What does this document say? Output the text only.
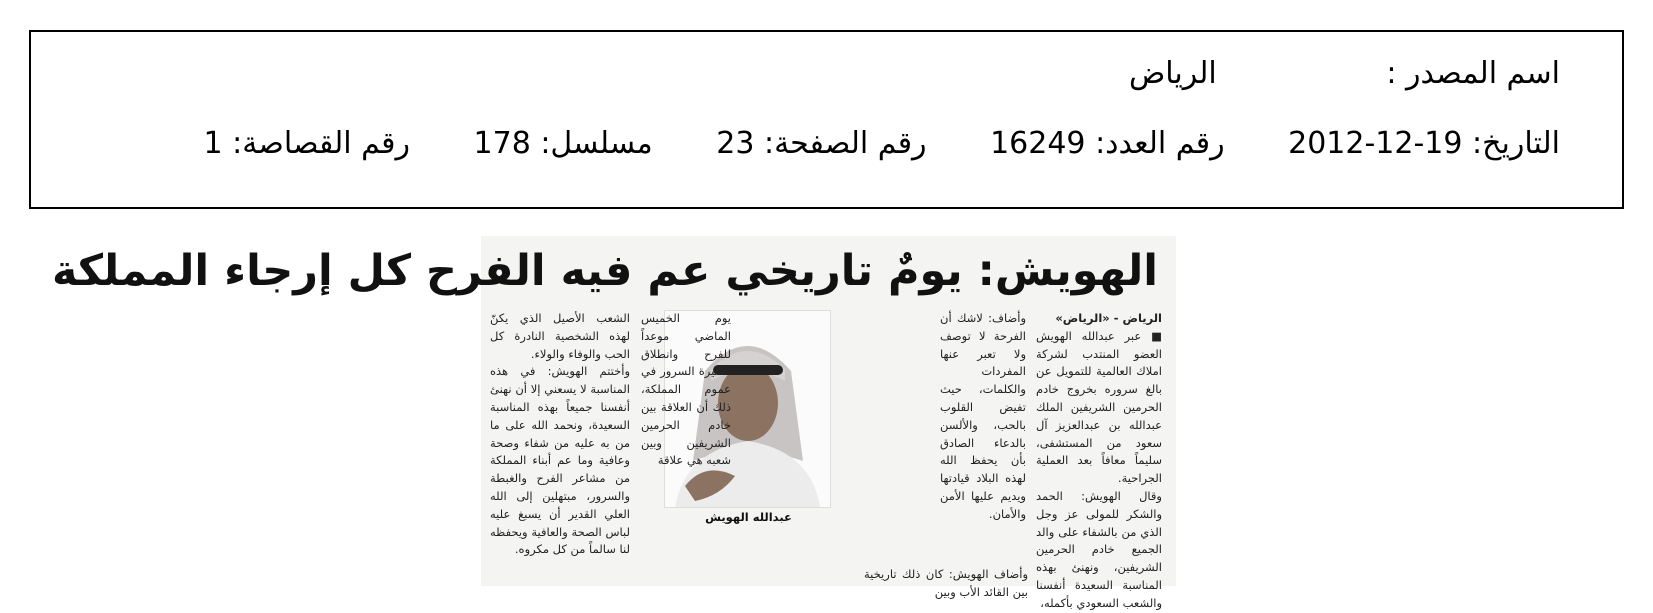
اسم المصدر : الرياض
التاريخ: 2012-12-19 رقم العدد: 16249 رقم الصفحة: 23 مسلسل: 178 رقم القصاصة: 1
الهويش: يومٌ تاريخي عم فيه الفرح كل إرجاء المملكة
الرياض - «الرياض»
■ عبر عبدالله الهويش العضو المنتدب لشركة املاك العالمية للتمويل عن بالغ سروره بخروج خادم الحرمين الشريفين الملك عبدالله بن عبدالعزيز آل سعود من المستشفى، سليماً معافاً بعد العملية الجراحية.
وقال الهويش: الحمد والشكر للمولى عز وجل الذي من بالشفاء على والد الجميع خادم الحرمين الشريفين، ونهنئ بهذه المناسبة السعيدة أنفسنا والشعب السعودي بأكمله،
وأضاف: لاشك أن الفرحة لا توصف ولا تعبر عنها المفردات والكلمات، حيث تفيض القلوب بالحب، والألسن بالدعاء الصادق بأن يحفظ الله لهذه البلاد قيادتها ويديم عليها الأمن والأمان.
وأضاف الهويش: كان ذلك تاريخية بين القائد الأب وبين
عبدالله الهويش
يوم الخميس الماضي موعداً للفرح وانطلاق مسيرة السرور في عموم المملكة، ذلك أن العلاقة بين خادم الحرمين الشريفين وبين شعبه هي علاقة
الشعب الأصيل الذي يكنّ لهذه الشخصية النادرة كل الحب والوفاء والولاء.
وأختتم الهويش: في هذه المناسبة لا يسعني إلا أن نهنئ أنفسنا جميعاً بهذه المناسبة السعيدة، ونحمد الله على ما من به عليه من شفاء وصحة وعافية وما عم أبناء المملكة من مشاعر الفرح والغبطة والسرور، مبتهلين إلى الله العلي القدير أن يسبغ عليه لباس الصحة والعافية ويحفظه لنا سالماً من كل مكروه.
